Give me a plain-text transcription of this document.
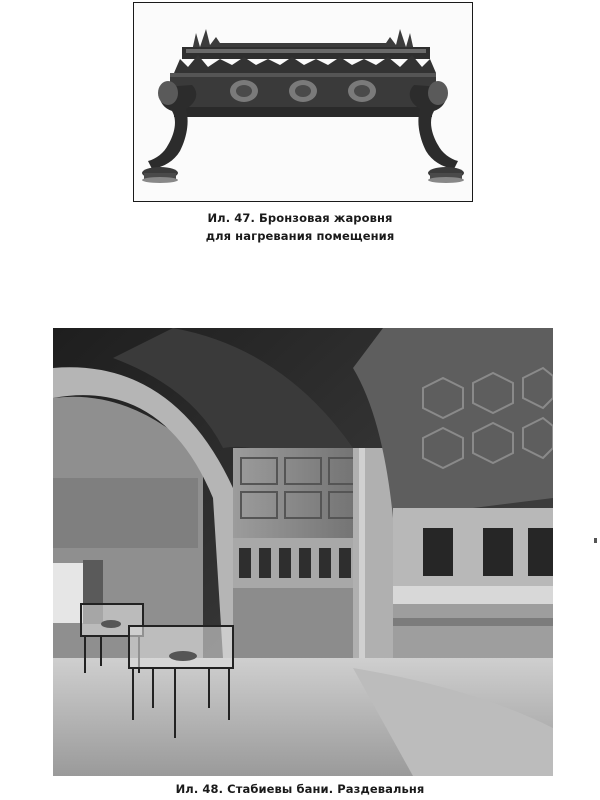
Ил. 47. Бронзовая жаровня
для нагревания помещения
Ил. 48. Стабиевы бани. Раздевальня
